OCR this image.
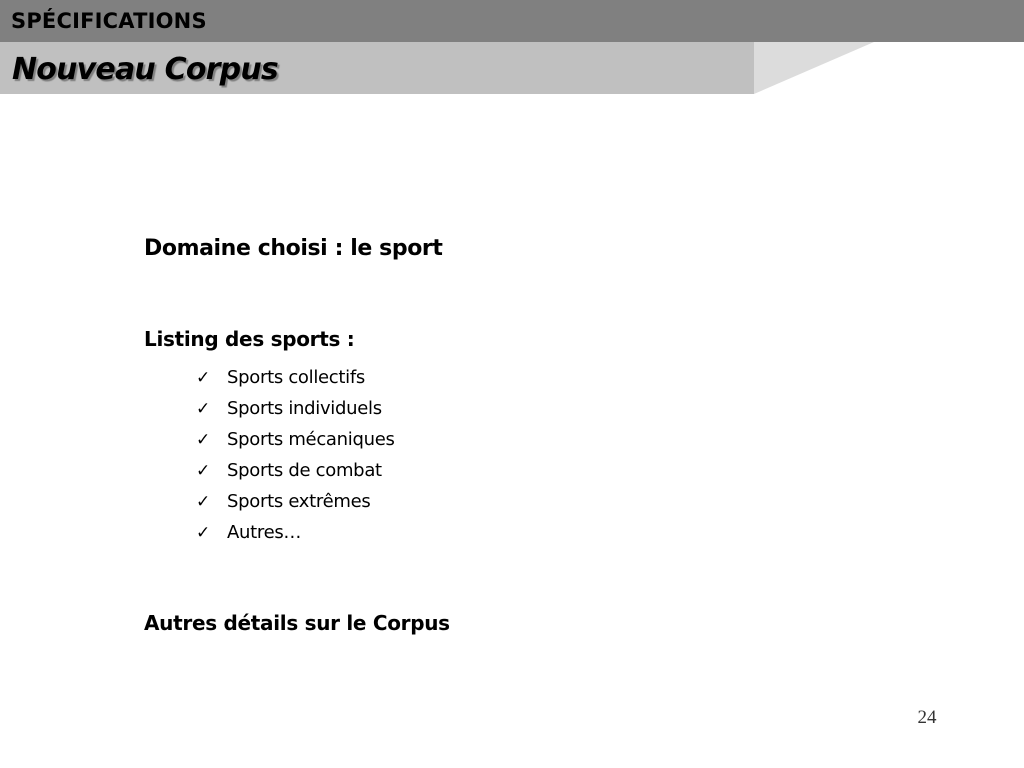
SPÉCIFICATIONS
Nouveau Corpus
Domaine choisi : le sport
Listing des sports :
✓ Sports collectifs
✓ Sports individuels
✓ Sports mécaniques
✓ Sports de combat
✓ Sports extrêmes
✓ Autres…
Autres détails sur le Corpus
24
